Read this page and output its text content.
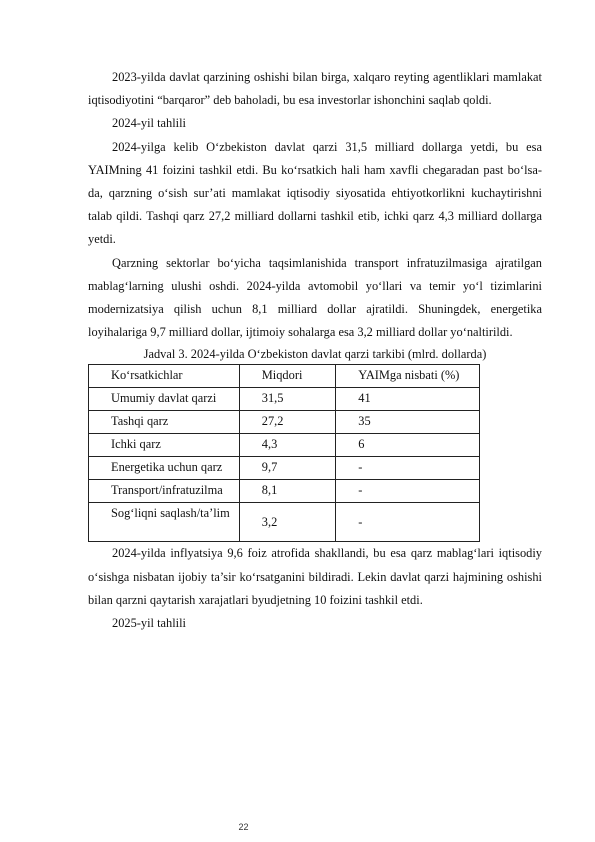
2023-yilda davlat qarzining oshishi bilan birga, xalqaro reyting agentliklari mamlakat iqtisodiyotini “barqaror” deb baholadi, bu esa investorlar ishonchini saqlab qoldi.

2024-yil tahlili

2024-yilga kelib O‘zbekiston davlat qarzi 31,5 milliard dollarga yetdi, bu esa YAIMning 41 foizini tashkil etdi. Bu ko‘rsatkich hali ham xavfli chegaradan past bo‘lsa-da, qarzning o‘sish sur’ati mamlakat iqtisodiy siyosatida ehtiyotkorlikni kuchaytirishni talab qildi. Tashqi qarz 27,2 milliard dollarni tashkil etib, ichki qarz 4,3 milliard dollarga yetdi.

Qarzning sektorlar bo‘yicha taqsimlanishida transport infratuzilmasiga ajratilgan mablag‘larning ulushi oshdi. 2024-yilda avtomobil yo‘llari va temir yo‘l tizimlarini modernizatsiya qilish uchun 8,1 milliard dollar ajratildi. Shuningdek, energetika loyihalariga 9,7 milliard dollar, ijtimoiy sohalarga esa 3,2 milliard dollar yo‘naltirildi.

Jadval 3. 2024-yilda O‘zbekiston davlat qarzi tarkibi (mlrd. dollarda)

Ko‘rsatkichlar	Miqdori	YAIMga nisbati (%)
Umumiy davlat qarzi	31,5	41
Tashqi qarz	27,2	35
Ichki qarz	4,3	6
Energetika uchun qarz	9,7	-
Transport/infratuzilma	8,1	-
Sog‘liqni saqlash/ta’lim	3,2	-

2024-yilda inflyatsiya 9,6 foiz atrofida shakllandi, bu esa qarz mablag‘lari iqtisodiy o‘sishga nisbatan ijobiy ta’sir ko‘rsatganini bildiradi. Lekin davlat qarzi hajmining oshishi bilan qarzni qaytarish xarajatlari byudjetning 10 foizini tashkil etdi.

2025-yil tahlili

22
